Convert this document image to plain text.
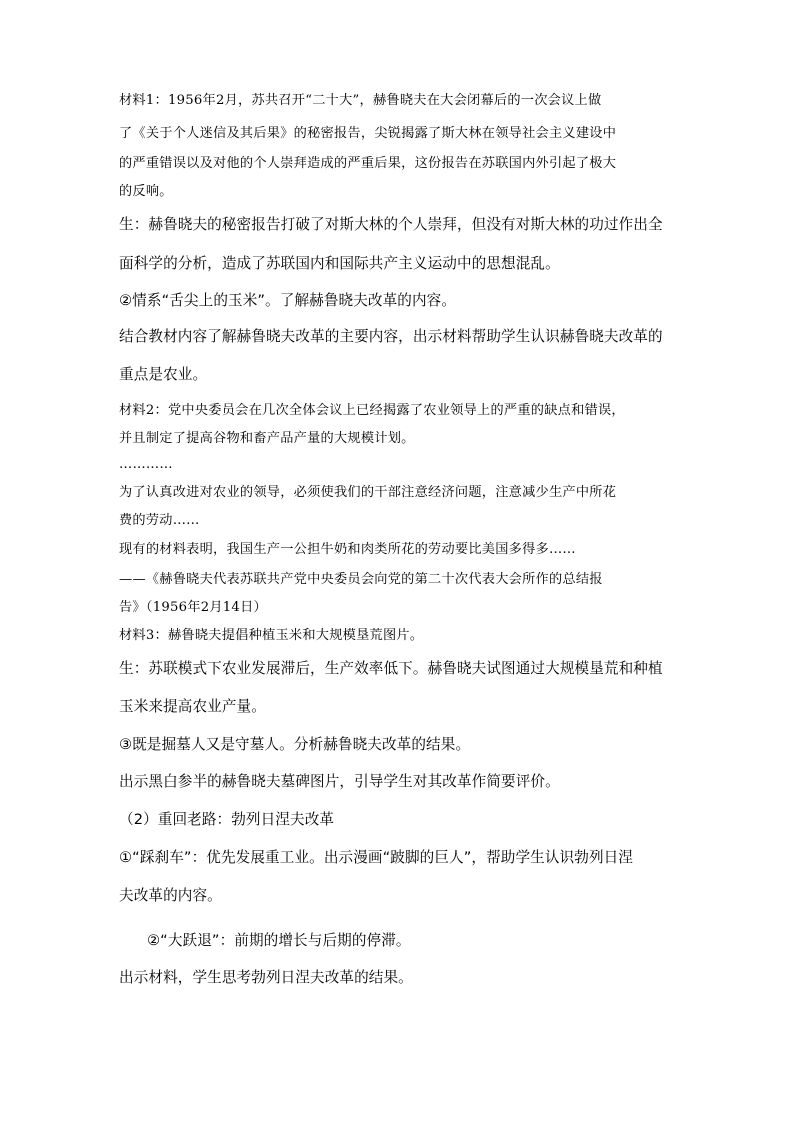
材料1：1956年2月，苏共召开“二十大”，赫鲁晓夫在大会闭幕后的一次会议上做
了《关于个人迷信及其后果》的秘密报告，尖锐揭露了斯大林在领导社会主义建设中
的严重错误以及对他的个人崇拜造成的严重后果，这份报告在苏联国内外引起了极大
的反响。
生：赫鲁晓夫的秘密报告打破了对斯大林的个人崇拜，但没有对斯大林的功过作出全
面科学的分析，造成了苏联国内和国际共产主义运动中的思想混乱。
②情系“舌尖上的玉米”。了解赫鲁晓夫改革的内容。
结合教材内容了解赫鲁晓夫改革的主要内容，出示材料帮助学生认识赫鲁晓夫改革的
重点是农业。
材料2：党中央委员会在几次全体会议上已经揭露了农业领导上的严重的缺点和错误，
并且制定了提高谷物和畜产品产量的大规模计划。
…………
为了认真改进对农业的领导，必须使我们的干部注意经济问题，注意减少生产中所花
费的劳动……
现有的材料表明，我国生产一公担牛奶和肉类所花的劳动要比美国多得多……
——《赫鲁晓夫代表苏联共产党中央委员会向党的第二十次代表大会所作的总结报
告》（1956年2月14日）
材料3：赫鲁晓夫提倡种植玉米和大规模垦荒图片。
生：苏联模式下农业发展滞后，生产效率低下。赫鲁晓夫试图通过大规模垦荒和种植
玉米来提高农业产量。
③既是掘墓人又是守墓人。分析赫鲁晓夫改革的结果。
出示黑白参半的赫鲁晓夫墓碑图片，引导学生对其改革作简要评价。
（2）重回老路：勃列日涅夫改革
①“踩刹车”：优先发展重工业。出示漫画“跛脚的巨人”，帮助学生认识勃列日涅
夫改革的内容。
②“大跃退”：前期的增长与后期的停滞。
出示材料，学生思考勃列日涅夫改革的结果。
